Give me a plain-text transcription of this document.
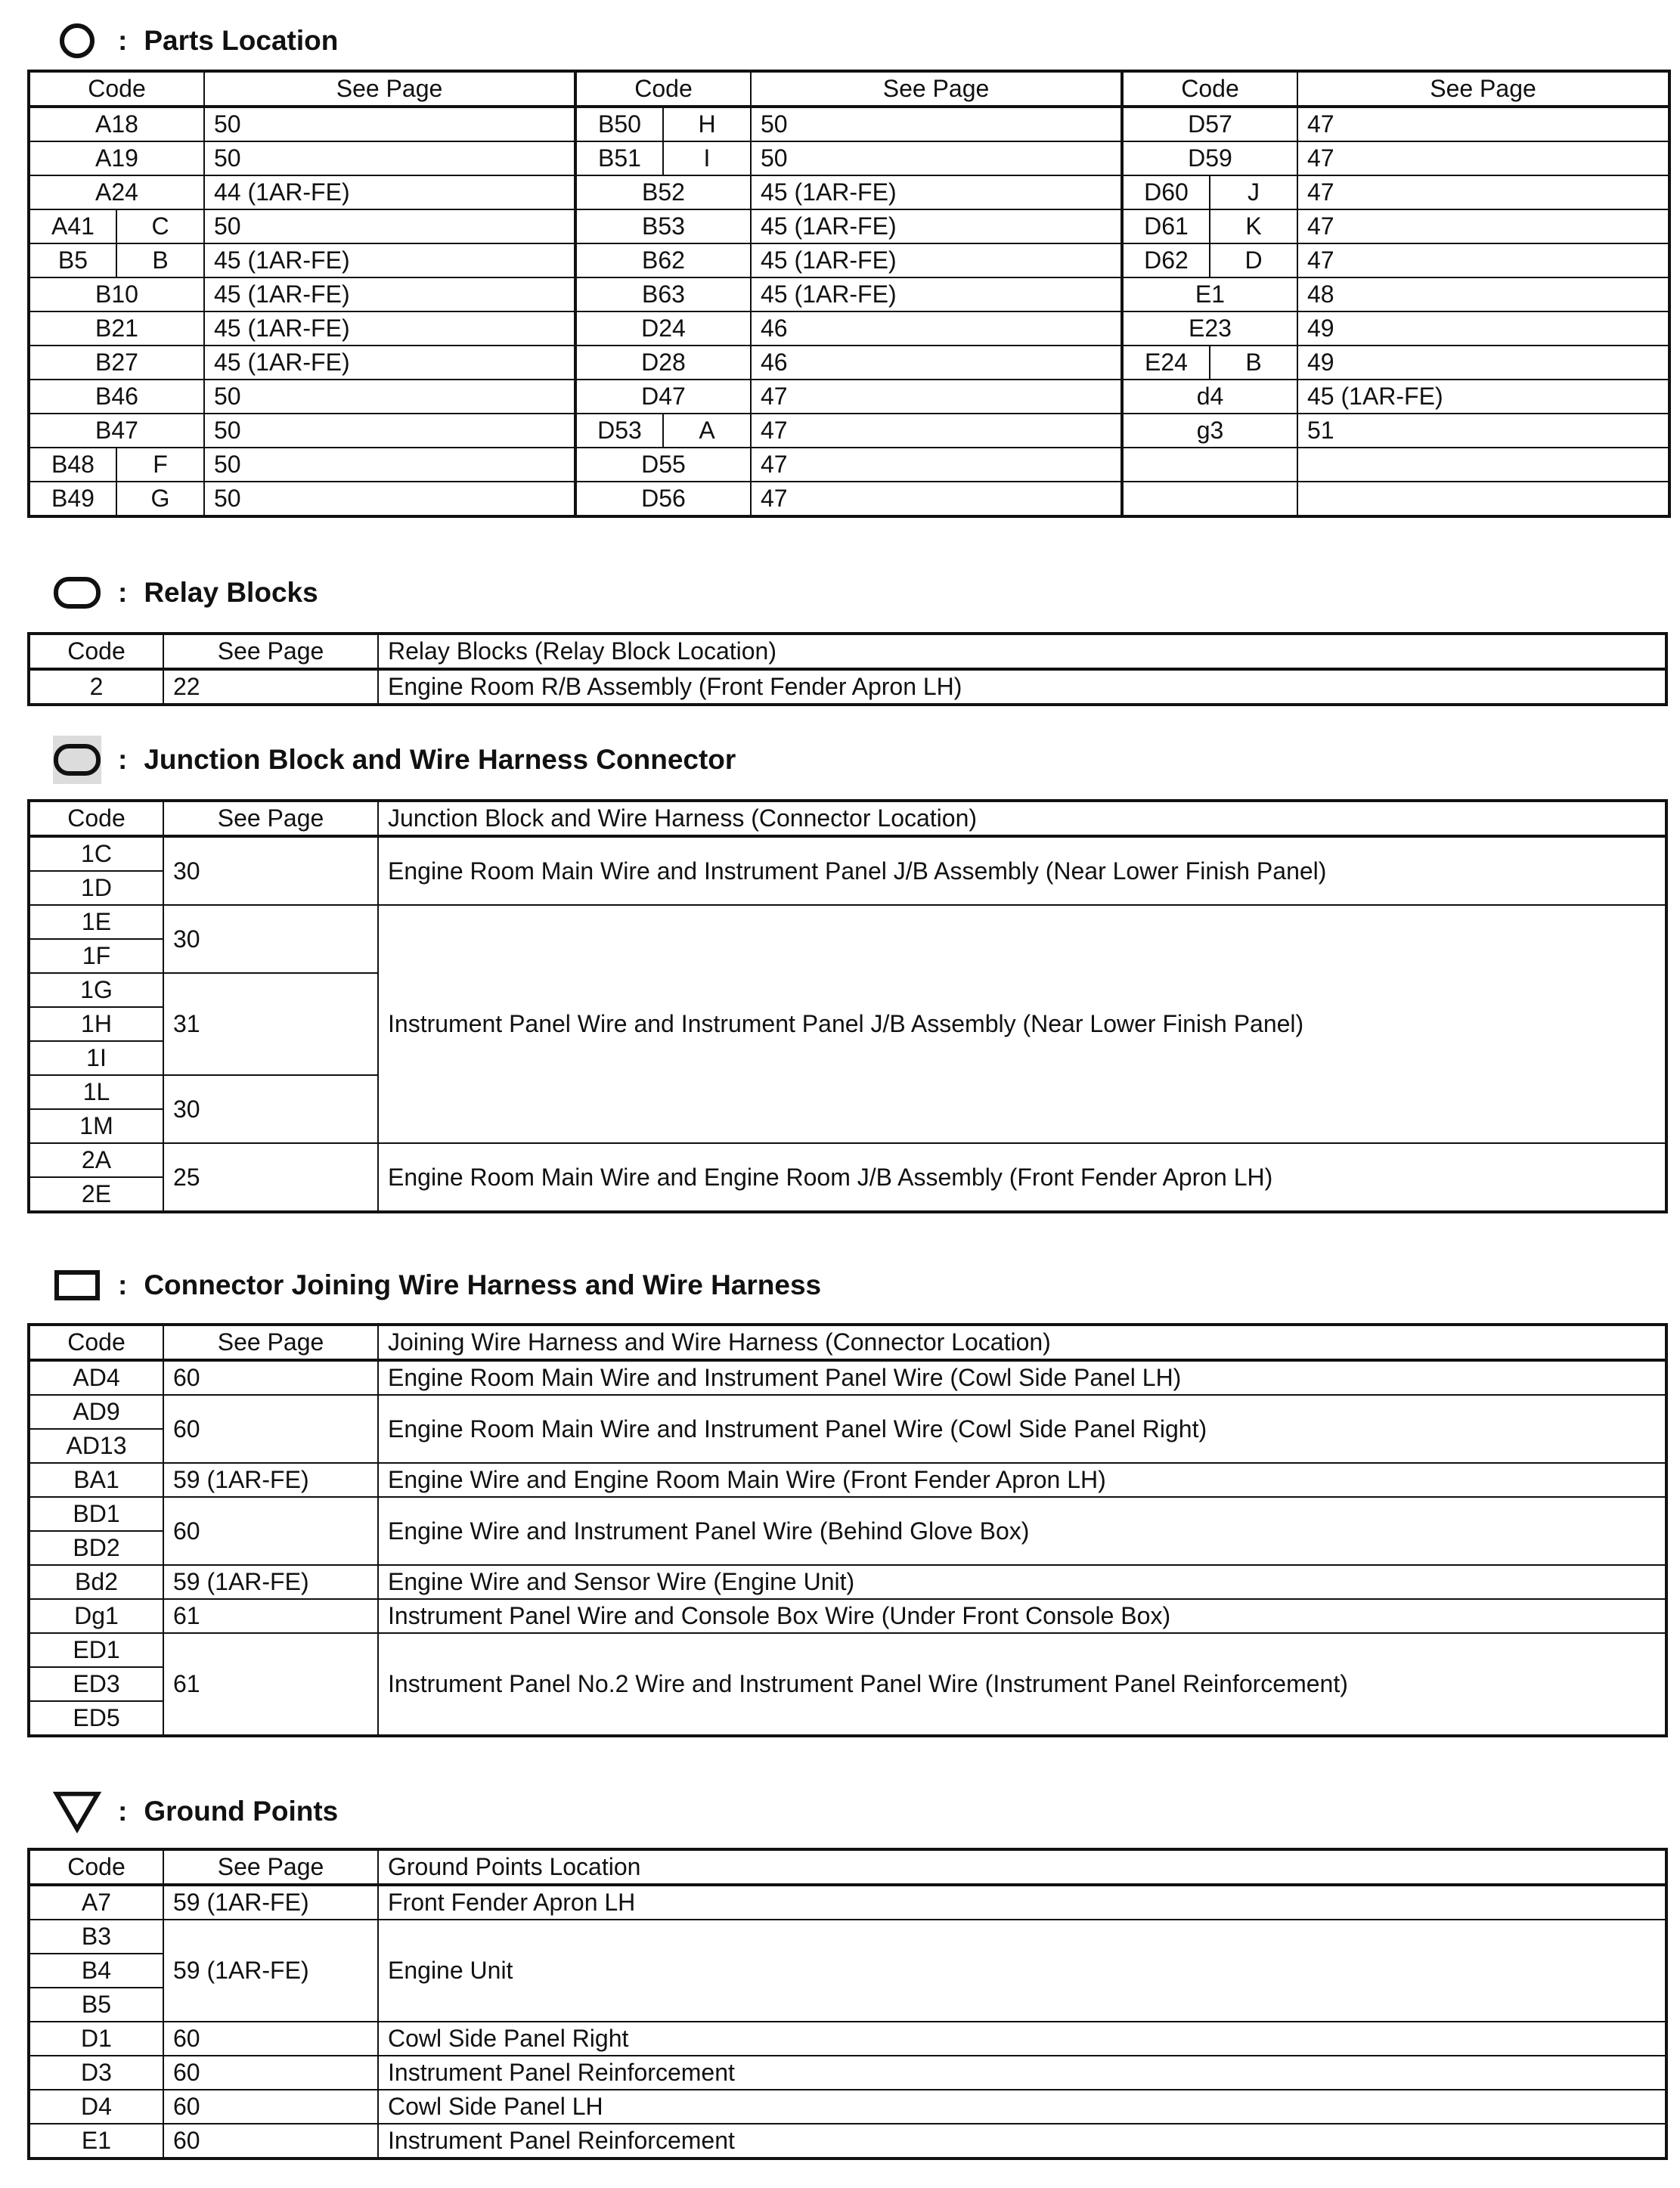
: Parts Location
Code		See Page	Code		See Page	Code		See Page
A18		50	B50	H	50	D57		47
A19		50	B51	I	50	D59		47
A24		44 (1AR-FE)	B52		45 (1AR-FE)	D60	J	47
A41	C	50	B53		45 (1AR-FE)	D61	K	47
B5	B	45 (1AR-FE)	B62		45 (1AR-FE)	D62	D	47
B10		45 (1AR-FE)	B63		45 (1AR-FE)	E1		48
B21		45 (1AR-FE)	D24		46	E23		49
B27		45 (1AR-FE)	D28		46	E24	B	49
B46		50	D47		47	d4		45 (1AR-FE)
B47		50	D53	A	47	g3		51
B48	F	50	D55		47			
B49	G	50	D56		47			
: Relay Blocks
Code	See Page	Relay Blocks (Relay Block Location)
2	22	Engine Room R/B Assembly (Front Fender Apron LH)
: Junction Block and Wire Harness Connector
Code	See Page	Junction Block and Wire Harness (Connector Location)
1C	30	Engine Room Main Wire and Instrument Panel J/B Assembly (Near Lower Finish Panel)
1D		
1E	30	Instrument Panel Wire and Instrument Panel J/B Assembly (Near Lower Finish Panel)
1F		
1G	31	
1H		
1I		
1L	30	
1M		
2A	25	Engine Room Main Wire and Engine Room J/B Assembly (Front Fender Apron LH)
2E		
: Connector Joining Wire Harness and Wire Harness
Code	See Page	Joining Wire Harness and Wire Harness (Connector Location)
AD4	60	Engine Room Main Wire and Instrument Panel Wire (Cowl Side Panel LH)
AD9	60	Engine Room Main Wire and Instrument Panel Wire (Cowl Side Panel Right)
AD13		
BA1	59 (1AR-FE)	Engine Wire and Engine Room Main Wire (Front Fender Apron LH)
BD1	60	Engine Wire and Instrument Panel Wire (Behind Glove Box)
BD2		
Bd2	59 (1AR-FE)	Engine Wire and Sensor Wire (Engine Unit)
Dg1	61	Instrument Panel Wire and Console Box Wire (Under Front Console Box)
ED1	61	Instrument Panel No.2 Wire and Instrument Panel Wire (Instrument Panel Reinforcement)
ED3		
ED5		
: Ground Points
Code	See Page	Ground Points Location
A7	59 (1AR-FE)	Front Fender Apron LH
B3	59 (1AR-FE)	Engine Unit
B4		
B5		
D1	60	Cowl Side Panel Right
D3	60	Instrument Panel Reinforcement
D4	60	Cowl Side Panel LH
E1	60	Instrument Panel Reinforcement
